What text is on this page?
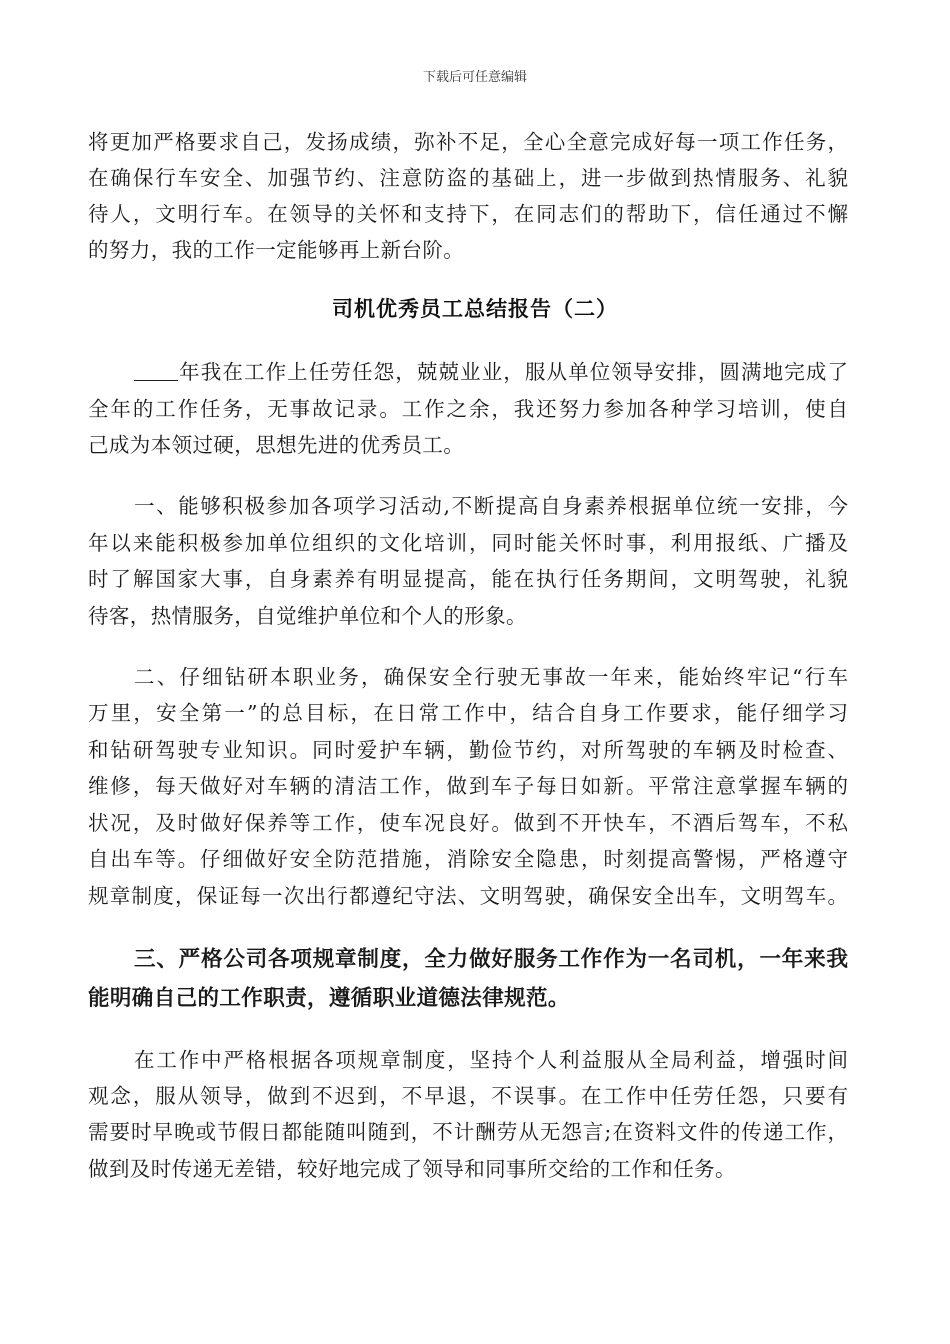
下载后可任意编辑
将更加严格要求自己，发扬成绩，弥补不足，全心全意完成好每一项工作任务，
在确保行车安全、加强节约、注意防盗的基础上，进一步做到热情服务、礼貌
待人，文明行车。在领导的关怀和支持下，在同志们的帮助下，信任通过不懈
的努力，我的工作一定能够再上新台阶。
司机优秀员工总结报告（二）
年我在工作上任劳任怨，兢兢业业，服从单位领导安排，圆满地完成了
全年的工作任务，无事故记录。工作之余，我还努力参加各种学习培训，使自
己成为本领过硬，思想先进的优秀员工。
一、能够积极参加各项学习活动,不断提高自身素养根据单位统一安排，今
年以来能积极参加单位组织的文化培训，同时能关怀时事，利用报纸、广播及
时了解国家大事，自身素养有明显提高，能在执行任务期间，文明驾驶，礼貌
待客，热情服务，自觉维护单位和个人的形象。
二、仔细钻研本职业务，确保安全行驶无事故一年来，能始终牢记“行车
万里，安全第一”的总目标，在日常工作中，结合自身工作要求，能仔细学习
和钻研驾驶专业知识。同时爱护车辆，勤俭节约，对所驾驶的车辆及时检查、
维修，每天做好对车辆的清洁工作，做到车子每日如新。平常注意掌握车辆的
状况，及时做好保养等工作，使车况良好。做到不开快车，不酒后驾车，不私
自出车等。仔细做好安全防范措施，消除安全隐患，时刻提高警惕，严格遵守
规章制度，保证每一次出行都遵纪守法、文明驾驶，确保安全出车，文明驾车。
三、严格公司各项规章制度，全力做好服务工作作为一名司机，一年来我
能明确自己的工作职责，遵循职业道德法律规范。
在工作中严格根据各项规章制度，坚持个人利益服从全局利益，增强时间
观念，服从领导，做到不迟到，不早退，不误事。在工作中任劳任怨，只要有
需要时早晚或节假日都能随叫随到，不计酬劳从无怨言;在资料文件的传递工作，
做到及时传递无差错，较好地完成了领导和同事所交给的工作和任务。
